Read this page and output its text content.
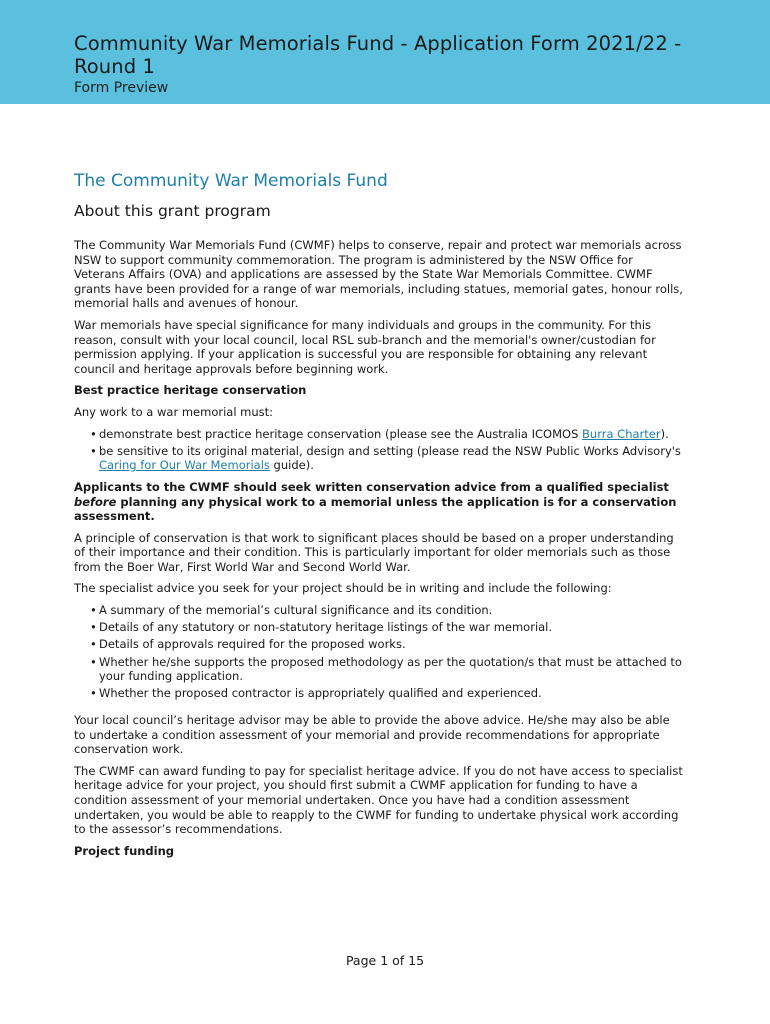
Community War Memorials Fund - Application Form 2021/22 - Round 1
Form Preview
The Community War Memorials Fund
About this grant program

The Community War Memorials Fund (CWMF) helps to conserve, repair and protect war memorials across NSW to support community commemoration. The program is administered by the NSW Office for Veterans Affairs (OVA) and applications are assessed by the State War Memorials Committee. CWMF grants have been provided for a range of war memorials, including statues, memorial gates, honour rolls, memorial halls and avenues of honour.

War memorials have special significance for many individuals and groups in the community. For this reason, consult with your local council, local RSL sub-branch and the memorial's owner/custodian for permission applying. If your application is successful you are responsible for obtaining any relevant council and heritage approvals before beginning work.

Best practice heritage conservation

Any work to a war memorial must:

• demonstrate best practice heritage conservation (please see the Australia ICOMOS Burra Charter).
• be sensitive to its original material, design and setting (please read the NSW Public Works Advisory's Caring for Our War Memorials guide).

Applicants to the CWMF should seek written conservation advice from a qualified specialist before planning any physical work to a memorial unless the application is for a conservation assessment.

A principle of conservation is that work to significant places should be based on a proper understanding of their importance and their condition. This is particularly important for older memorials such as those from the Boer War, First World War and Second World War.

The specialist advice you seek for your project should be in writing and include the following:

• A summary of the memorial’s cultural significance and its condition.
• Details of any statutory or non-statutory heritage listings of the war memorial.
• Details of approvals required for the proposed works.
• Whether he/she supports the proposed methodology as per the quotation/s that must be attached to your funding application.
• Whether the proposed contractor is appropriately qualified and experienced.

Your local council’s heritage advisor may be able to provide the above advice. He/she may also be able to undertake a condition assessment of your memorial and provide recommendations for appropriate conservation work.

The CWMF can award funding to pay for specialist heritage advice. If you do not have access to specialist heritage advice for your project, you should first submit a CWMF application for funding to have a condition assessment of your memorial undertaken. Once you have had a condition assessment undertaken, you would be able to reapply to the CWMF for funding to undertake physical work according to the assessor’s recommendations.

Project funding

Page 1 of 15
